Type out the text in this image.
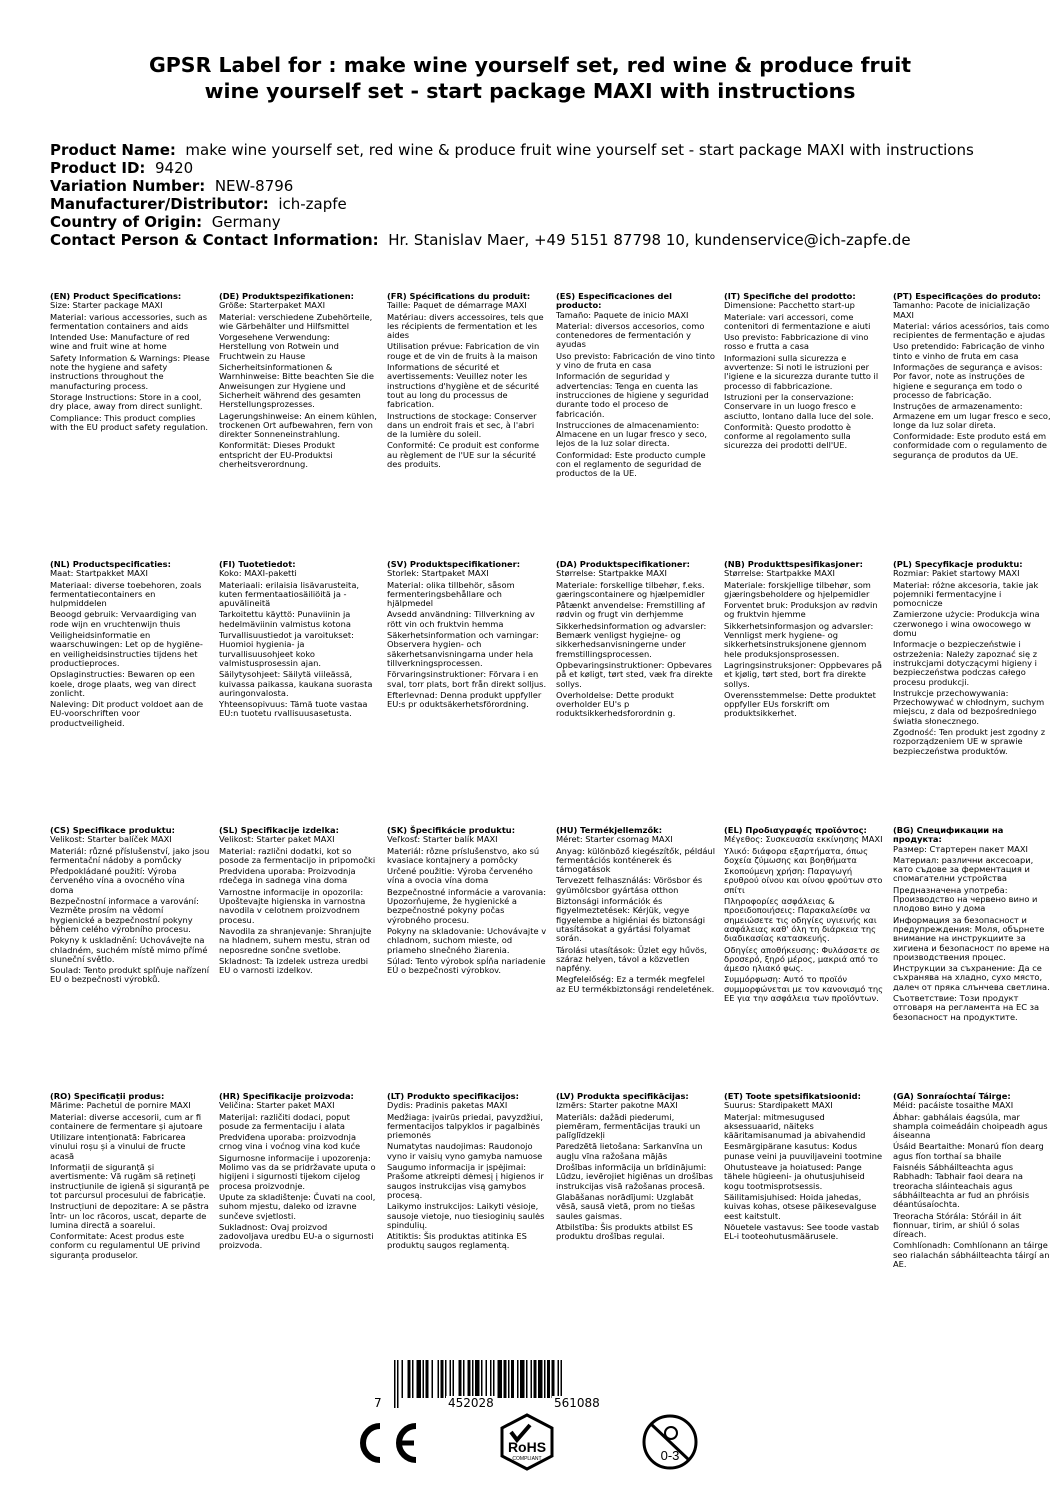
GPSR Label for : make wine yourself set, red wine & produce fruit
wine yourself set - start package MAXI with instructions
Product Name: make wine yourself set, red wine & produce fruit wine yourself set - start package MAXI with instructions
Product ID: 9420
Variation Number: NEW-8796
Manufacturer/Distributor: ich-zapfe
Country of Origin: Germany
Contact Person & Contact Information: Hr. Stanislav Maer, +49 5151 87798 10, kundenservice@ich-zapfe.de
(EN) Product Specifications:
Size: Starter package MAXI
Material: various accessories, such as fermentation containers and aids
Intended Use: Manufacture of red wine and fruit wine at home
Safety Information & Warnings: Please note the hygiene and safety instructions throughout the manufacturing process.
Storage Instructions: Store in a cool, dry place, away from direct sunlight.
Compliance: This product complies with the EU product safety regulation.
(DE) Produktspezifikationen:
Größe: Starterpaket MAXI
Material: verschiedene Zubehörteile, wie Gärbehälter und Hilfsmittel
Vorgesehene Verwendung: Herstellung von Rotwein und Fruchtwein zu Hause
Sicherheitsinformationen & Warnhinweise: Bitte beachten Sie die Anweisungen zur Hygiene und Sicherheit während des gesamten Herstellungsprozesses.
Lagerungshinweise: An einem kühlen, trockenen Ort aufbewahren, fern von direkter Sonneneinstrahlung.
Konformität: Dieses Produkt entspricht der EU-Produktsi cherheitsverordnung.
(FR) Spécifications du produit:
Taille: Paquet de démarrage MAXI
Matériau: divers accessoires, tels que les récipients de fermentation et les aides
Utilisation prévue: Fabrication de vin rouge et de vin de fruits à la maison
Informations de sécurité et avertissements: Veuillez noter les instructions d'hygiène et de sécurité tout au long du processus de fabrication.
Instructions de stockage: Conserver dans un endroit frais et sec, à l'abri de la lumière du soleil.
Conformité: Ce produit est conforme au règlement de l'UE sur la sécurité des produits.
(ES) Especificaciones del producto:
Tamaño: Paquete de inicio MAXI
Material: diversos accesorios, como contenedores de fermentación y ayudas
Uso previsto: Fabricación de vino tinto y vino de fruta en casa
Información de seguridad y advertencias: Tenga en cuenta las instrucciones de higiene y seguridad durante todo el proceso de fabricación.
Instrucciones de almacenamiento: Almacene en un lugar fresco y seco, lejos de la luz solar directa.
Conformidad: Este producto cumple con el reglamento de seguridad de productos de la UE.
(IT) Specifiche del prodotto:
Dimensione: Pacchetto start-up
Materiale: vari accessori, come contenitori di fermentazione e aiuti
Uso previsto: Fabbricazione di vino rosso e frutta a casa
Informazioni sulla sicurezza e avvertenze: Si noti le istruzioni per l'igiene e la sicurezza durante tutto il processo di fabbricazione.
Istruzioni per la conservazione: Conservare in un luogo fresco e asciutto, lontano dalla luce del sole.
Conformità: Questo prodotto è conforme al regolamento sulla sicurezza dei prodotti dell'UE.
(PT) Especificações do produto:
Tamanho: Pacote de inicialização MAXI
Material: vários acessórios, tais como recipientes de fermentação e ajudas
Uso pretendido: Fabricação de vinho tinto e vinho de fruta em casa
Informações de segurança e avisos: Por favor, note as instruções de higiene e segurança em todo o processo de fabricação.
Instruções de armazenamento: Armazene em um lugar fresco e seco, longe da luz solar direta.
Conformidade: Este produto está em conformidade com o regulamento de segurança de produtos da UE.
(NL) Productspecificaties:
Maat: Startpakket MAXI
Materiaal: diverse toebehoren, zoals fermentatiecontainers en hulpmiddelen
Beoogd gebruik: Vervaardiging van rode wijn en vruchtenwijn thuis
Veiligheidsinformatie en waarschuwingen: Let op de hygiëne- en veiligheidsinstructies tijdens het productieproces.
Opslaginstructies: Bewaren op een koele, droge plaats, weg van direct zonlicht.
Naleving: Dit product voldoet aan de EU-voorschriften voor productveiligheid.
(FI) Tuotetiedot:
Koko: MAXI-paketti
Materiaali: erilaisia lisävarusteita, kuten fermentaatiosäiliöitä ja -apuvälineitä
Tarkoitettu käyttö: Punaviinin ja hedelmäviinin valmistus kotona
Turvallisuustiedot ja varoitukset: Huomioi hygienia- ja turvallisuusohjeet koko valmistusprosessin ajan.
Säilytysohjeet: Säilytä viileässä, kuivassa paikassa, kaukana suorasta auringonvalosta.
Yhteensopivuus: Tämä tuote vastaa EU:n tuotetu rvallisuusasetusta.
(SV) Produktspecifikationer:
Storlek: Startpaket MAXI
Material: olika tillbehör, såsom fermenteringsbehållare och hjälpmedel
Avsedd användning: Tillverkning av rött vin och fruktvin hemma
Säkerhetsinformation och varningar: Observera hygien- och säkerhetsanvisningarna under hela tillverkningsprocessen.
Förvaringsinstruktioner: Förvara i en sval, torr plats, bort från direkt solljus.
Efterlevnad: Denna produkt uppfyller EU:s pr oduktsäkerhetsförordning.
(DA) Produktspecifikationer:
Størrelse: Startpakke MAXI
Materiale: forskellige tilbehør, f.eks. gæringscontainere og hjælpemidler
Påtænkt anvendelse: Fremstilling af rødvin og frugt vin derhjemme
Sikkerhedsinformation og advarsler: Bemærk venligst hygiejne- og sikkerhedsanvisningerne under fremstillingsprocessen.
Opbevaringsinstruktioner: Opbevares på et køligt, tørt sted, væk fra direkte sollys.
Overholdelse: Dette produkt overholder EU's p roduktsikkerhedsforordnin g.
(NB) Produkttspesifikasjoner:
Størrelse: Startpakke MAXI
Materiale: forskjellige tilbehør, som gjæringsbeholdere og hjelpemidler
Forventet bruk: Produksjon av rødvin og fruktvin hjemme
Sikkerhetsinformasjon og advarsler: Vennligst merk hygiene- og sikkerhetsinstruksjonene gjennom hele produksjonsprosessen.
Lagringsinstruksjoner: Oppbevares på et kjølig, tørt sted, bort fra direkte sollys.
Overensstemmelse: Dette produktet oppfyller EUs forskrift om produktsikkerhet.
(PL) Specyfikacje produktu:
Rozmiar: Pakiet startowy MAXI
Materiał: różne akcesoria, takie jak pojemniki fermentacyjne i pomocnicze
Zamierzone użycie: Produkcja wina czerwonego i wina owocowego w domu
Informacje o bezpieczeństwie i ostrzeżenia: Należy zapoznać się z instrukcjami dotyczącymi higieny i bezpieczeństwa podczas całego procesu produkcji.
Instrukcje przechowywania: Przechowywać w chłodnym, suchym miejscu, z dala od bezpośredniego światła słonecznego.
Zgodność: Ten produkt jest zgodny z rozporządzeniem UE w sprawie bezpieczeństwa produktów.
(CS) Specifikace produktu:
Velikost: Starter balíček MAXI
Materiál: různé příslušenství, jako jsou fermentační nádoby a pomůcky
Předpokládané použití: Výroba červeného vína a ovocného vína doma
Bezpečnostní informace a varování: Vezměte prosím na vědomí hygienické a bezpečnostní pokyny během celého výrobního procesu.
Pokyny k uskladnění: Uchovávejte na chladném, suchém místě mimo přímé sluneční světlo.
Soulad: Tento produkt splňuje nařízení EU o bezpečnosti výrobků.
(SL) Specifikacije izdelka:
Velikost: Starter paket MAXI
Material: različni dodatki, kot so posode za fermentacijo in pripomočki
Predvidena uporaba: Proizvodnja rdečega in sadnega vina doma
Varnostne informacije in opozorila: Upoštevajte higienska in varnostna navodila v celotnem proizvodnem procesu.
Navodila za shranjevanje: Shranjujte na hladnem, suhem mestu, stran od neposredne sončne svetlobe.
Skladnost: Ta izdelek ustreza uredbi EU o varnosti izdelkov.
(SK) Špecifikácie produktu:
Veľkosť: Starter balík MAXI
Materiál: rôzne príslušenstvo, ako sú kvasiace kontajnery a pomôcky
Určené použitie: Výroba červeného vína a ovocia vína doma
Bezpečnostné informácie a varovania: Upozorňujeme, že hygienické a bezpečnostné pokyny počas výrobného procesu.
Pokyny na skladovanie: Uchovávajte v chladnom, suchom mieste, od priameho slnečného žiarenia.
Súlad: Tento výrobok spĺňa nariadenie EÚ o bezpečnosti výrobkov.
(HU) Termékjellemzők:
Méret: Starter csomag MAXI
Anyag: különböző kiegészítők, például fermentációs konténerek és támogatások
Tervezett felhasználás: Vörösbor és gyümölcsbor gyártása otthon
Biztonsági információk és figyelmeztetések: Kérjük, vegye figyelembe a higiéniai és biztonsági utasításokat a gyártási folyamat során.
Tárolási utasítások: Üzlet egy hűvös, száraz helyen, távol a közvetlen napfény.
Megfelelőség: Ez a termék megfelel az EU termékbiztonsági rendeletének.
(EL) Προδιαγραφές προϊόντος:
Μέγεθος: Συσκευασία εκκίνησης MAXI
Υλικό: διάφορα εξαρτήματα, όπως δοχεία ζύμωσης και βοηθήματα
Σκοπούμενη χρήση: Παραγωγή ερυθρού οίνου και οίνου φρούτων στο σπίτι
Πληροφορίες ασφάλειας & προειδοποιήσεις: Παρακαλείσθε να σημειώσετε τις οδηγίες υγιεινής και ασφάλειας καθ' όλη τη διάρκεια της διαδικασίας κατασκευής.
Οδηγίες αποθήκευσης: Φυλάσσετε σε δροσερό, ξηρό μέρος, μακριά από το άμεσο ηλιακό φως.
Συμμόρφωση: Αυτό το προϊόν συμμορφώνεται με τον κανονισμό της ΕΕ για την ασφάλεια των προϊόντων.
(BG) Спецификации на продукта:
Размер: Стартерен пакет MAXI
Материал: различни аксесоари, като съдове за ферментация и спомагателни устройства
Предназначена употреба: Производство на червено вино и плодово вино у дома
Информация за безопасност и предупреждения: Моля, обърнете внимание на инструкциите за хигиена и безопасност по време на производствения процес.
Инструкции за съхранение: Да се съхранява на хладно, сухо място, далеч от пряка слънчева светлина.
Съответствие: Този продукт отговаря на регламента на ЕС за безопасност на продуктите.
(RO) Specificații produs:
Mărime: Pachetul de pornire MAXI
Material: diverse accesorii, cum ar fi containere de fermentare și ajutoare
Utilizare intenționată: Fabricarea vinului roșu și a vinului de fructe acasă
Informații de siguranță și avertismente: Vă rugăm să rețineți instrucțiunile de igienă și siguranță pe tot parcursul procesului de fabricație.
Instrucțiuni de depozitare: A se păstra într- un loc răcoros, uscat, departe de lumina directă a soarelui.
Conformitate: Acest produs este conform cu regulamentul UE privind siguranța produselor.
(HR) Specifikacije proizvoda:
Veličina: Starter paket MAXI
Materijal: različiti dodaci, poput posude za fermentaciju i alata
Predviđena uporaba: proizvodnja crnog vina i voćnog vina kod kuće
Sigurnosne informacije i upozorenja: Molimo vas da se pridržavate uputa o higijeni i sigurnosti tijekom cijelog procesa proizvodnje.
Upute za skladištenje: Čuvati na cool, suhom mjestu, daleko od izravne sunčeve svjetlosti.
Sukladnost: Ovaj proizvod zadovoljava uredbu EU-a o sigurnosti proizvoda.
(LT) Produkto specifikacijos:
Dydis: Pradinis paketas MAXI
Medžiaga: įvairūs priedai, pavyzdžiui, fermentacijos talpyklos ir pagalbinės priemonės
Numatytas naudojimas: Raudonojo vyno ir vaisių vyno gamyba namuose
Saugumo informacija ir įspėjimai: Prašome atkreipti dėmesį į higienos ir saugos instrukcijas visą gamybos procesą.
Laikymo instrukcijos: Laikyti vėsioje, sausoje vietoje, nuo tiesioginių saulės spindulių.
Atitiktis: Šis produktas atitinka ES produktų saugos reglamentą.
(LV) Produkta specifikācijas:
Izmērs: Starter pakotne MAXI
Materiāls: dažādi piederumi, piemēram, fermentācijas trauki un palīglīdzekļi
Paredzētā lietošana: Sarkanvīna un augļu vīna ražošana mājās
Drošības informācija un brīdinājumi: Lūdzu, ievērojiet higiēnas un drošības instrukcijas visā ražošanas procesā.
Glabāšanas norādījumi: Uzglabāt vēsā, sausā vietā, prom no tiešas saules gaismas.
Atbilstība: Šis produkts atbilst ES produktu drošības regulai.
(ET) Toote spetsifikatsioonid:
Suurus: Stardipakett MAXI
Materjal: mitmesugused aksessuaarid, näiteks kääritamisanumad ja abivahendid
Eesmärgipärane kasutus: Kodus punase veini ja puuviljaveini tootmine
Ohutusteave ja hoiatused: Pange tähele hügieeni- ja ohutusjuhiseid kogu tootmisprotsessis.
Säilitamisjuhised: Hoida jahedas, kuivas kohas, otsese päikesevalguse eest kaitstult.
Nõuetele vastavus: See toode vastab EL-i tooteohutusmäärusele.
(GA) Sonraíochtaí Táirge:
Méid: pacáiste tosaithe MAXI
Ábhar: gabhálais éagsúla, mar shampla coimeádáin choipeadh agus áiseanna
Úsáid Beartaithe: Monarú fíon dearg agus fíon torthaí sa bhaile
Faisnéis Sábháilteachta agus Rabhadh: Tabhair faoi deara na treoracha sláinteachais agus sábháilteachta ar fud an phróisis déantúsaíochta.
Treoracha Stórála: Stóráil in áit fionnuar, tirim, ar shiúl ó solas díreach.
Comhlíonadh: Comhlíonann an táirge seo rialachán sábháilteachta táirgí an AE.
7	452028	561088
RoHS
COMPLIANT	0-3
